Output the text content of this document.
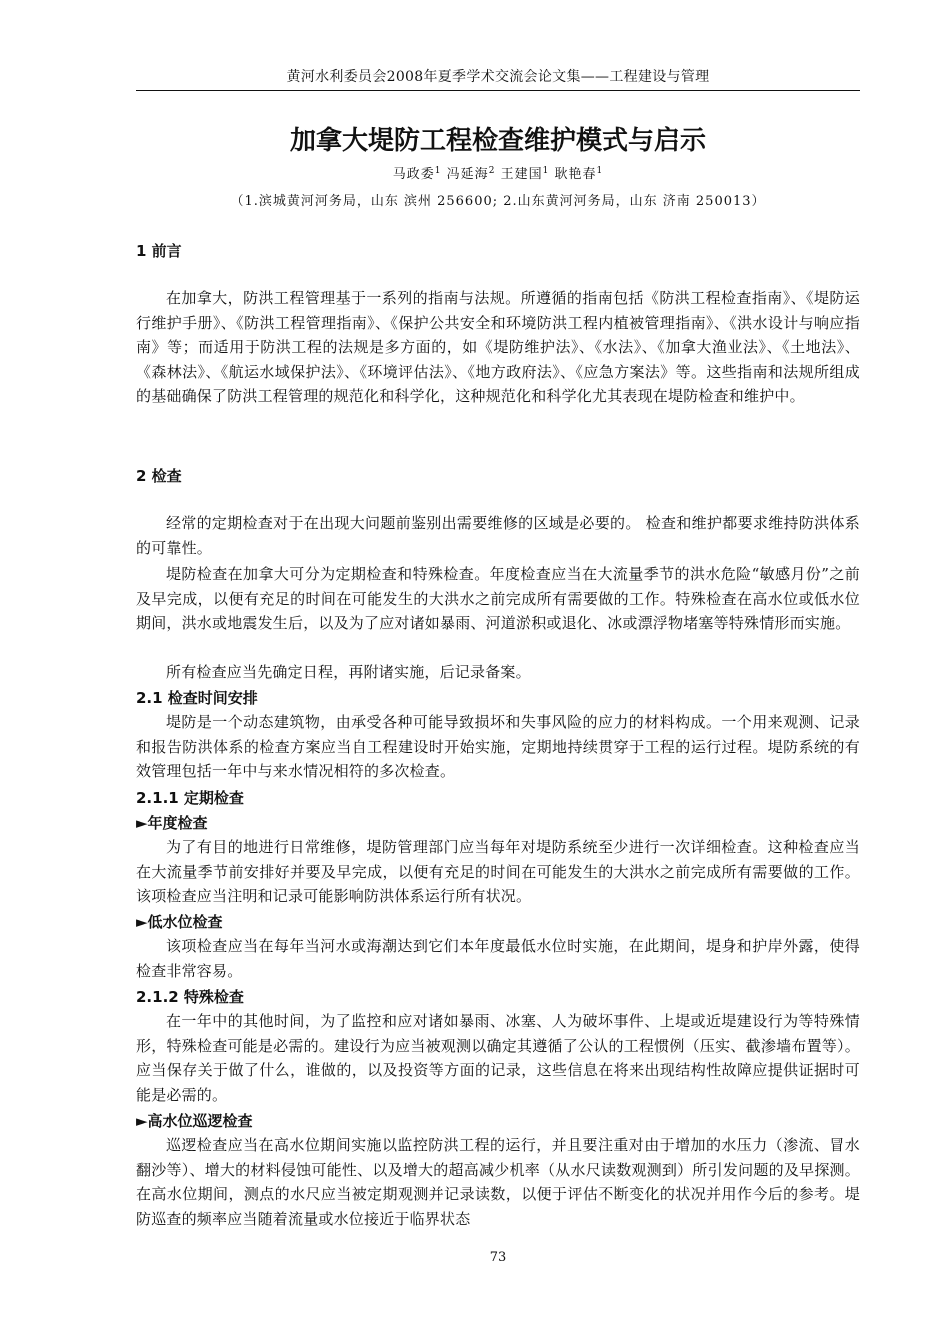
黄河水利委员会2008年夏季学术交流会论文集——工程建设与管理
加拿大堤防工程检查维护模式与启示
马政委$^1$ 冯延海$^2$ 王建国$^1$ 耿艳春$^1$
（1.滨城黄河河务局，山东 滨州 256600; 2.山东黄河河务局，山东 济南 250013）
1 前言
在加拿大，防洪工程管理基于一系列的指南与法规。所遵循的指南包括《防洪工程检查指南》、《堤防运行维护手册》、《防洪工程管理指南》、《保护公共安全和环境防洪工程内植被管理指南》、《洪水设计与响应指南》等；而适用于防洪工程的法规是多方面的，如《堤防维护法》、《水法》、《加拿大渔业法》、《土地法》、《森林法》、《航运水域保护法》、《环境评估法》、《地方政府法》、《应急方案法》等。这些指南和法规所组成的基础确保了防洪工程管理的规范化和科学化，这种规范化和科学化尤其表现在堤防检查和维护中。
2 检查
经常的定期检查对于在出现大问题前鉴别出需要维修的区域是必要的。 检查和维护都要求维持防洪体系的可靠性。
堤防检查在加拿大可分为定期检查和特殊检查。年度检查应当在大流量季节的洪水危险“敏感月份”之前及早完成，以便有充足的时间在可能发生的大洪水之前完成所有需要做的工作。特殊检查在高水位或低水位期间，洪水或地震发生后，以及为了应对诸如暴雨、河道淤积或退化、冰或漂浮物堵塞等特殊情形而实施。
所有检查应当先确定日程，再附诸实施，后记录备案。
2.1 检查时间安排
堤防是一个动态建筑物，由承受各种可能导致损坏和失事风险的应力的材料构成。一个用来观测、记录和报告防洪体系的检查方案应当自工程建设时开始实施，定期地持续贯穿于工程的运行过程。堤防系统的有效管理包括一年中与来水情况相符的多次检查。
2.1.1 定期检查
►年度检查
为了有目的地进行日常维修，堤防管理部门应当每年对堤防系统至少进行一次详细检查。这种检查应当在大流量季节前安排好并要及早完成，以便有充足的时间在可能发生的大洪水之前完成所有需要做的工作。该项检查应当注明和记录可能影响防洪体系运行所有状况。
►低水位检查
该项检查应当在每年当河水或海潮达到它们本年度最低水位时实施，在此期间，堤身和护岸外露，使得检查非常容易。
2.1.2 特殊检查
在一年中的其他时间，为了监控和应对诸如暴雨、冰塞、人为破坏事件、上堤或近堤建设行为等特殊情形，特殊检查可能是必需的。建设行为应当被观测以确定其遵循了公认的工程惯例（压实、截渗墙布置等）。应当保存关于做了什么，谁做的，以及投资等方面的记录，这些信息在将来出现结构性故障应提供证据时可能是必需的。
►高水位巡逻检查
巡逻检查应当在高水位期间实施以监控防洪工程的运行，并且要注重对由于增加的水压力（渗流、冒水翻沙等）、增大的材料侵蚀可能性、以及增大的超高减少机率（从水尺读数观测到）所引发问题的及早探测。在高水位期间，测点的水尺应当被定期观测并记录读数，以便于评估不断变化的状况并用作今后的参考。堤防巡查的频率应当随着流量或水位接近于临界状态
73
